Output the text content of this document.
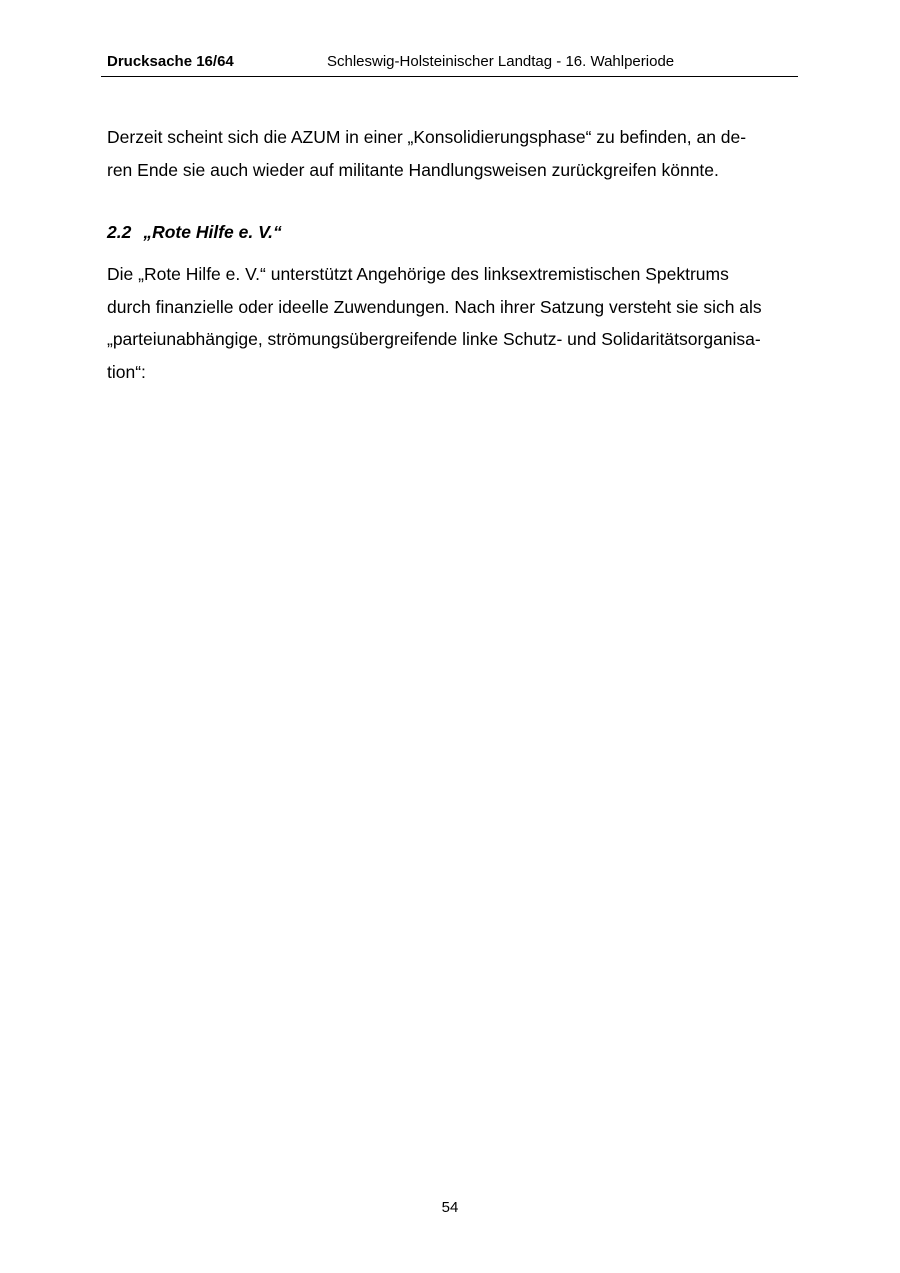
Drucksache 16/64	Schleswig-Holsteinischer Landtag - 16. Wahlperiode

Derzeit scheint sich die AZUM in einer „Konsolidierungsphase“ zu befinden, an de-
ren Ende sie auch wieder auf militante Handlungsweisen zurückgreifen könnte.

2.2 „Rote Hilfe e. V.“

Die „Rote Hilfe e. V.“ unterstützt Angehörige des linksextremistischen Spektrums
durch finanzielle oder ideelle Zuwendungen. Nach ihrer Satzung versteht sie sich als
„parteiunabhängige, strömungsübergreifende linke Schutz- und Solidaritätsorganisa-
tion“:

54
